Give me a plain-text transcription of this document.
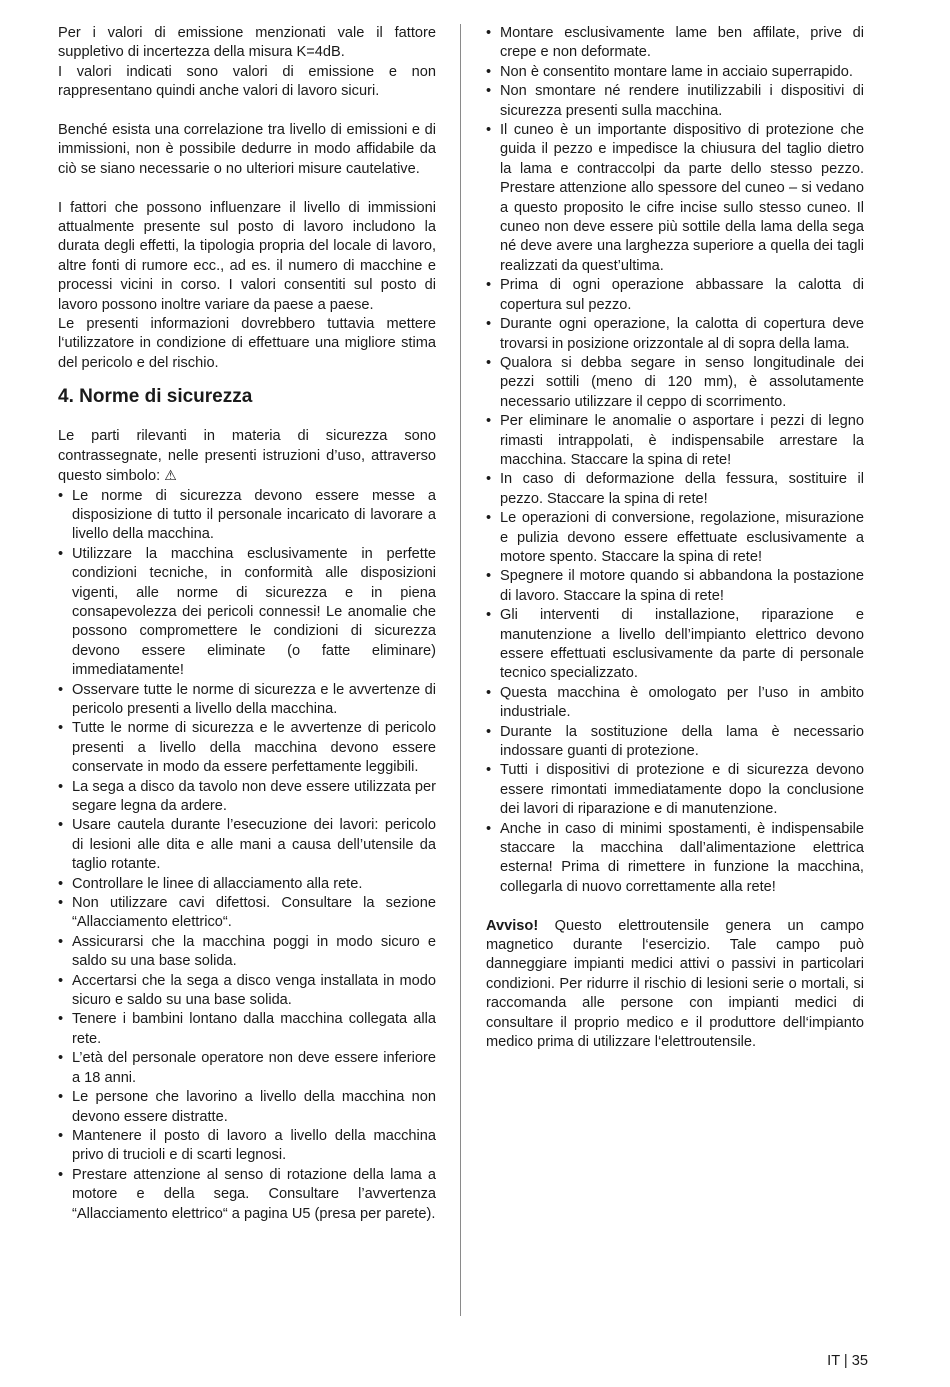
Per i valori di emissione menzionati vale il fattore suppletivo di incertezza della misura K=4dB.

I valori indicati sono valori di emissione e non rappresentano quindi anche valori di lavoro sicuri.

Benché esista una correlazione tra livello di emissioni e di immissioni, non è possibile dedurre in modo affidabile da ciò se siano necessarie o no ulteriori misure cautelative.

I fattori che possono influenzare il livello di immissioni attualmente presente sul posto di lavoro includono la durata degli effetti, la tipologia propria del locale di lavoro, altre fonti di rumore ecc., ad es. il numero di macchine e processi vicini in corso. I valori consentiti sul posto di lavoro possono inoltre variare da paese a paese.

Le presenti informazioni dovrebbero tuttavia mettere l‘utilizzatore in condizione di effettuare una migliore stima del pericolo e del rischio.

4. Norme di sicurezza

Le parti rilevanti in materia di sicurezza sono contrassegnate, nelle presenti istruzioni d’uso, attraverso questo simbolo: ⚠

• Le norme di sicurezza devono essere messe a disposizione di tutto il personale incaricato di lavorare a livello della macchina.
• Utilizzare la macchina esclusivamente in perfette condizioni tecniche, in conformità alle disposizioni vigenti, alle norme di sicurezza e in piena consapevolezza dei pericoli connessi! Le anomalie che possono compromettere le condizioni di sicurezza devono essere eliminate (o fatte eliminare) immediatamente!
• Osservare tutte le norme di sicurezza e le avvertenze di pericolo presenti a livello della macchina.
• Tutte le norme di sicurezza e le avvertenze di pericolo presenti a livello della macchina devono essere conservate in modo da essere perfettamente leggibili.
• La sega a disco da tavolo non deve essere utilizzata per segare legna da ardere.
• Usare cautela durante l’esecuzione dei lavori: pericolo di lesioni alle dita e alle mani a causa dell’utensile da taglio rotante.
• Controllare le linee di allacciamento alla rete.
• Non utilizzare cavi difettosi. Consultare la sezione “Allacciamento elettrico“.
• Assicurarsi che la macchina poggi in modo sicuro e saldo su una base solida.
• Accertarsi che la sega a disco venga installata in modo sicuro e saldo su una base solida.
• Tenere i bambini lontano dalla macchina collegata alla rete.
• L’età del personale operatore non deve essere inferiore a 18 anni.
• Le persone che lavorino a livello della macchina non devono essere distratte.
• Mantenere il posto di lavoro a livello della macchina privo di trucioli e di scarti legnosi.
• Prestare attenzione al senso di rotazione della lama a motore e della sega. Consultare l’avvertenza “Allacciamento elettrico“ a pagina U5 (presa per parete).
• Montare esclusivamente lame ben affilate, prive di crepe e non deformate.
• Non è consentito montare lame in acciaio superrapido.
• Non smontare né rendere inutilizzabili i dispositivi di sicurezza presenti sulla macchina.
• Il cuneo è un importante dispositivo di protezione che guida il pezzo e impedisce la chiusura del taglio dietro la lama e contraccolpi da parte dello stesso pezzo. Prestare attenzione allo spessore del cuneo – si vedano a questo proposito le cifre incise sullo stesso cuneo. Il cuneo non deve essere più sottile della lama della sega né deve avere una larghezza superiore a quella dei tagli realizzati da quest’ultima.
• Prima di ogni operazione abbassare la calotta di copertura sul pezzo.
• Durante ogni operazione, la calotta di copertura deve trovarsi in posizione orizzontale al di sopra della lama.
• Qualora si debba segare in senso longitudinale dei pezzi sottili (meno di 120 mm), è assolutamente necessario utilizzare il ceppo di scorrimento.
• Per eliminare le anomalie o asportare i pezzi di legno rimasti intrappolati, è indispensabile arrestare la macchina. Staccare la spina di rete!
• In caso di deformazione della fessura, sostituire il pezzo. Staccare la spina di rete!
• Le operazioni di conversione, regolazione, misurazione e pulizia devono essere effettuate esclusivamente a motore spento. Staccare la spina di rete!
• Spegnere il motore quando si abbandona la postazione di lavoro. Staccare la spina di rete!
• Gli interventi di installazione, riparazione e manutenzione a livello dell’impianto elettrico devono essere effettuati esclusivamente da parte di personale tecnico specializzato.
• Questa macchina è omologato per l’uso in ambito industriale.
• Durante la sostituzione della lama è necessario indossare guanti di protezione.
• Tutti i dispositivi di protezione e di sicurezza devono essere rimontati immediatamente dopo la conclusione dei lavori di riparazione e di manutenzione.
• Anche in caso di minimi spostamenti, è indispensabile staccare la macchina dall’alimentazione elettrica esterna! Prima di rimettere in funzione la macchina, collegarla di nuovo correttamente alla rete!

Avviso! Questo elettroutensile genera un campo magnetico durante l‘esercizio. Tale campo può danneggiare impianti medici attivi o passivi in particolari condizioni. Per ridurre il rischio di lesioni serie o mortali, si raccomanda alle persone con impianti medici di consultare il proprio medico e il produttore dell‘impianto medico prima di utilizzare l‘elettroutensile.

IT | 35
